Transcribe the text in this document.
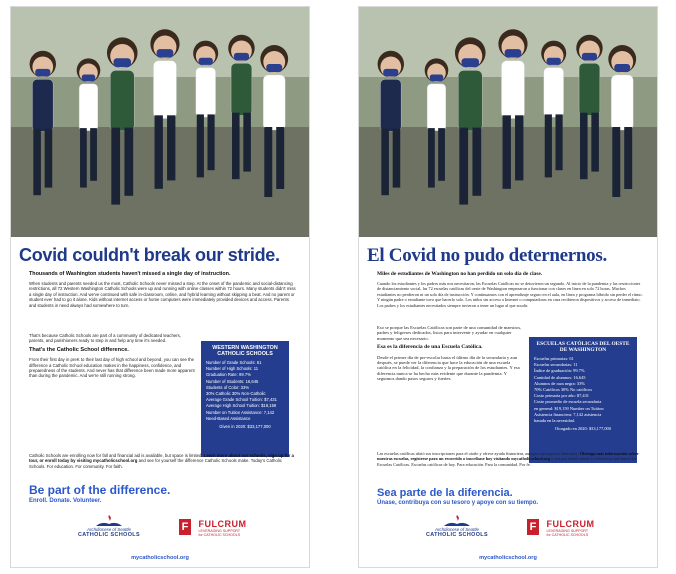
Covid couldn't break our stride.
Thousands of Washington students haven't missed a single day of instruction.
When students and parents needed us the most, Catholic Schools never missed a step. At the onset of the pandemic and social-distancing restrictions, all 72 Western Washington Catholic Schools were up and running with online classes within 72 hours. Many students didn't miss a single day of instruction. And we've continued with safe in-classroom, online, and hybrid learning without skipping a beat. And no parent or student ever had to go it alone. Kids without internet access or home computers were immediately provided devices and access. Parents and students in need always had somewhere to turn.

That's because Catholic Schools are part of a community of dedicated teachers, parents, and parishioners ready to step in and help any time it's needed.

That's the Catholic School difference.

From their first day in preK to their last day of high school and beyond, you can see the difference a Catholic School education makes in the happiness, confidence, and preparedness of the students. And never has that difference been made more apparent than during the pandemic. And we're still running strong.

WESTERN WASHINGTON CATHOLIC SCHOOLS
Number of Grade Schools: 61
Number of High Schools: 11
Graduation Rate: 99.7%
Number of Students: 16,645
Students of Color: 33%
30% Catholic 30% Non-Catholic
Average Grade School Tuition: $7,431
Average High School Tuition: $19,159
Number on Tuition Assistance: 7,142
Need-Based Assistance
Given in 2020: $33,177,000
Catholic Schools are enrolling now for fall and financial aid is available, but space is limited. Learn more about our schools, sign up for a tour, or enroll today by visiting mycatholicschool.org and see for yourself the difference Catholic Schools make. Today's Catholic Schools. For education. For community. For faith.
Be part of the difference.
Enroll. Donate. Volunteer.
Archdiocese of Seattle
CATHOLIC SCHOOLS
F FULCRUM
LEVERAGING SUPPORT
for CATHOLIC SCHOOLS
mycatholicschool.org
El Covid no pudo deternernos.
Miles de estudiantes de Washington no han perdido un solo día de clase.
Cuando los estudiantes y los padres más nos necesitaron, las Escuelas Católicas no se detuvieron un segundo. Al inicio de la pandemia y las restricciones de distanciamiento social, las 72 escuelas católicas del oeste de Washington empezaron a funcionar con clases en línea en solo 72 horas. Muchos estudiantes no perdieron ni un solo día de instrucción. Y continuamos con el aprendizaje seguro en el aula, en línea y programa híbrido sin perder el ritmo. Y ningún padre o estudiante tuvo que hacerlo solo. Los niños sin acceso a Internet o computadoras en casa recibieron dispositivos y acceso de inmediato. Los padres y los estudiantes necesitados siempre tuvieron a tener un lugar al que acudir.

Eso se porque las Escuelas Católicas son parte de una comunidad de maestros, padres y feligreses dedicados, listos para intervenir y ayudar en cualquier momento que sea necesario.

Esa es la diferencia de una Escuela Católica.

Desde el primer día de pre-escolar hasta el último día de la secundaria y aun después, se puede ver la diferencia que hace la educación de una escuela católica en la felicidad, la confianza y la preparación de los estudiantes. Y esa diferencia nunca se ha hecho más evidente que durante la pandemia. Y seguimos dando pasos seguros y fuertes.

ESCUELAS CATÓLICAS DEL OESTE DE WASHINGTON
Escuelas primarias: 61
Escuelas secundarias: 11
Índice de graduación: 99.7%
Cantidad de alumnos: 16,645
Alumnos de raza negra: 33%
70% Católicos 30% No católicos
Costo primaria por año: $7,431
Costo promedio de escuela secundaria
en general: $19,159 Number on Tuition
Asistencia financiera: 7,142 asistencia
basada en la necesidad.
Otorgado en 2020: $33,177,000
Las escuelas católicas abrió sus inscripciones para el otoño y ofrece ayuda financiera, aunque con espacios limitados. Obtenga más información sobre nuestras escuelas, regístrese para un recorrido o inscríbase hoy visitando mycatholicschool.org y vea por usted mismo la diferencia que hacen las Escuelas Católicas. Escuelas católicas de hoy. Para educación. Para la comunidad. Por fe.
Sea parte de la diferencia.
Únase, contribuya con su tesoro y apoye con su tiempo.
Archdiocese of Seattle
CATHOLIC SCHOOLS
F FULCRUM
LEVERAGING SUPPORT
for CATHOLIC SCHOOLS
mycatholicschool.org
